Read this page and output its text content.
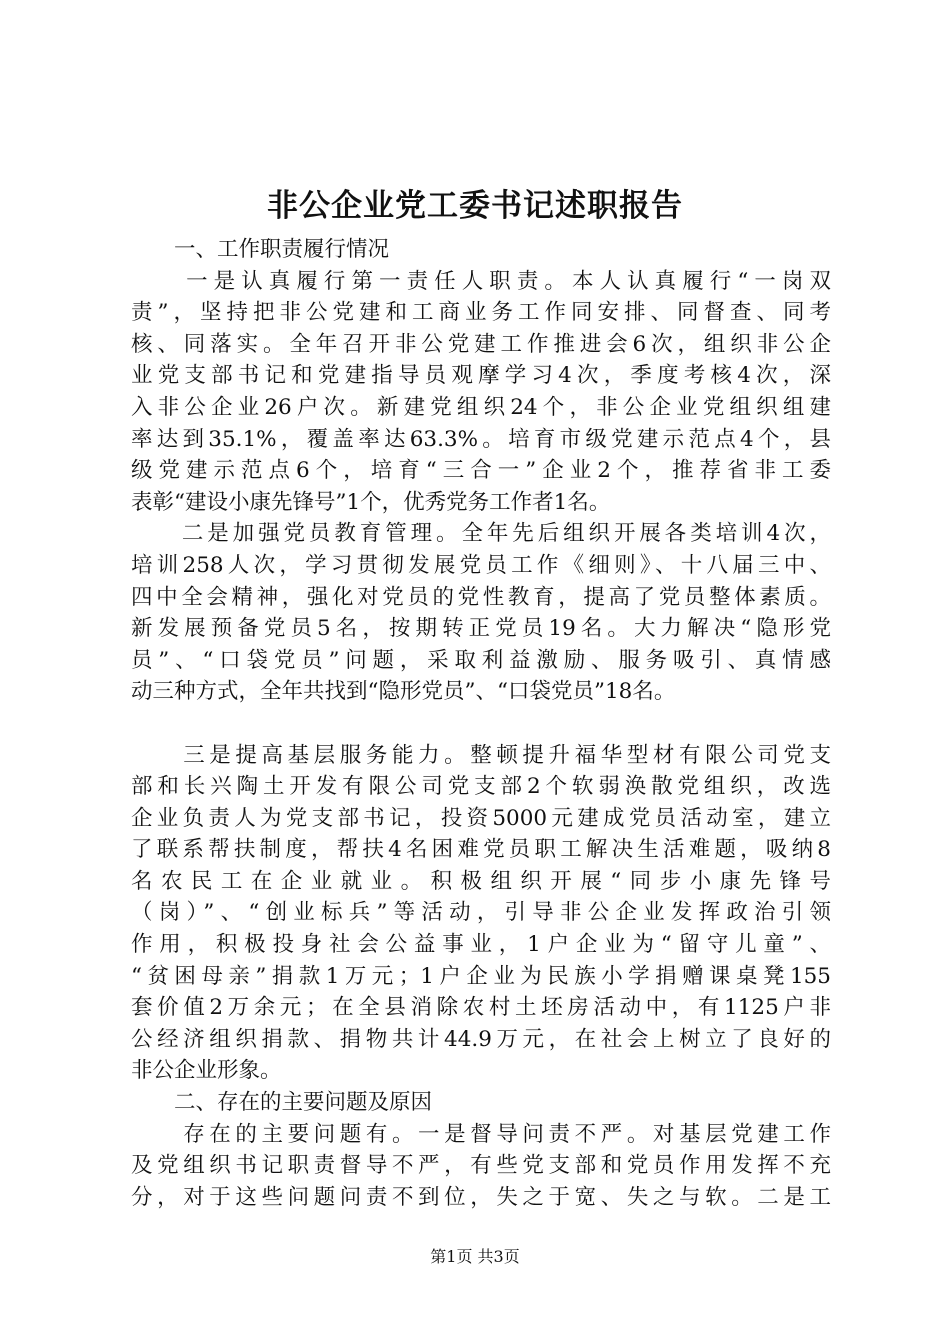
非公企业党工委书记述职报告
　　一、工作职责履行情况
　　一是认真履行第一责任人职责。本人认真履行“一岗双
责”，坚持把非公党建和工商业务工作同安排、同督查、同考
核、同落实。全年召开非公党建工作推进会6次，组织非公企
业党支部书记和党建指导员观摩学习4次，季度考核4次，深
入非公企业26户次。新建党组织24个，非公企业党组织组建
率达到35.1%，覆盖率达63.3%。培育市级党建示范点4个，县
级党建示范点6个，培育“三合一”企业2个，推荐省非工委
表彰“建设小康先锋号”1个，优秀党务工作者1名。
　　二是加强党员教育管理。全年先后组织开展各类培训4次，
培训258人次，学习贯彻发展党员工作《细则》、十八届三中、
四中全会精神，强化对党员的党性教育，提高了党员整体素质。
新发展预备党员5名，按期转正党员19名。大力解决“隐形党
员”、“口袋党员”问题，采取利益激励、服务吸引、真情感
动三种方式，全年共找到“隐形党员”、“口袋党员”18名。
　　三是提高基层服务能力。整顿提升福华型材有限公司党支
部和长兴陶土开发有限公司党支部2个软弱涣散党组织，改选
企业负责人为党支部书记，投资5000元建成党员活动室，建立
了联系帮扶制度，帮扶4名困难党员职工解决生活难题，吸纳8
名农民工在企业就业。积极组织开展“同步小康先锋号
（岗）”、“创业标兵”等活动，引导非公企业发挥政治引领
作用，积极投身社会公益事业，1户企业为“留守儿童”、
“贫困母亲”捐款1万元；1户企业为民族小学捐赠课桌凳155
套价值2万余元；在全县消除农村土坯房活动中，有1125户非
公经济组织捐款、捐物共计44.9万元，在社会上树立了良好的
非公企业形象。
　　二、存在的主要问题及原因
　　存在的主要问题有。一是督导问责不严。对基层党建工作
及党组织书记职责督导不严，有些党支部和党员作用发挥不充
分，对于这些问题问责不到位，失之于宽、失之与软。二是工
第1页 共3页
